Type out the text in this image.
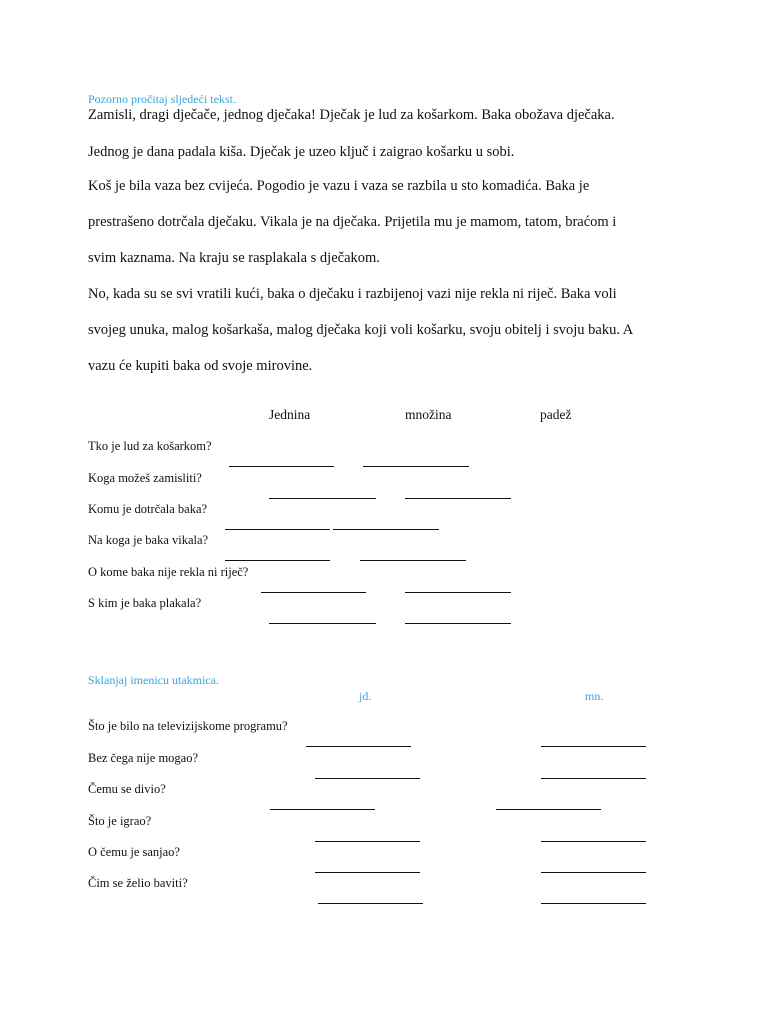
Pozorno pročitaj sljedeći tekst.
Zamisli, dragi dječače, jednog dječaka! Dječak je lud za košarkom. Baka obožava dječaka.
Jednog je dana padala kiša. Dječak je uzeo ključ i zaigrao košarku u sobi.
Koš je bila vaza bez cvijeća. Pogodio je vazu i vaza se razbila u sto komadića. Baka je
prestrašeno dotrčala dječaku. Vikala je na dječaka. Prijetila mu je mamom, tatom, braćom i
svim kaznama. Na kraju se rasplakala s dječakom.
No, kada su se svi vratili kući, baka o dječaku i razbijenoj vazi nije rekla ni riječ. Baka voli
svojeg unuka, malog košarkaša, malog dječaka koji voli košarku, svoju obitelj i svoju baku. A
vazu će kupiti baka od svoje mirovine.
Jednina	množina	padež
Tko je lud za košarkom?
Koga možeš zamisliti?
Komu je dotrčala baka?
Na koga je baka vikala?
O kome baka nije rekla ni riječ?
S kim je baka plakala?
Sklanjaj imenicu utakmica.
jd.	mn.
Što je bilo na televizijskome programu?
Bez čega nije mogao?
Čemu se divio?
Što je igrao?
O čemu je sanjao?
Čim se želio baviti?
